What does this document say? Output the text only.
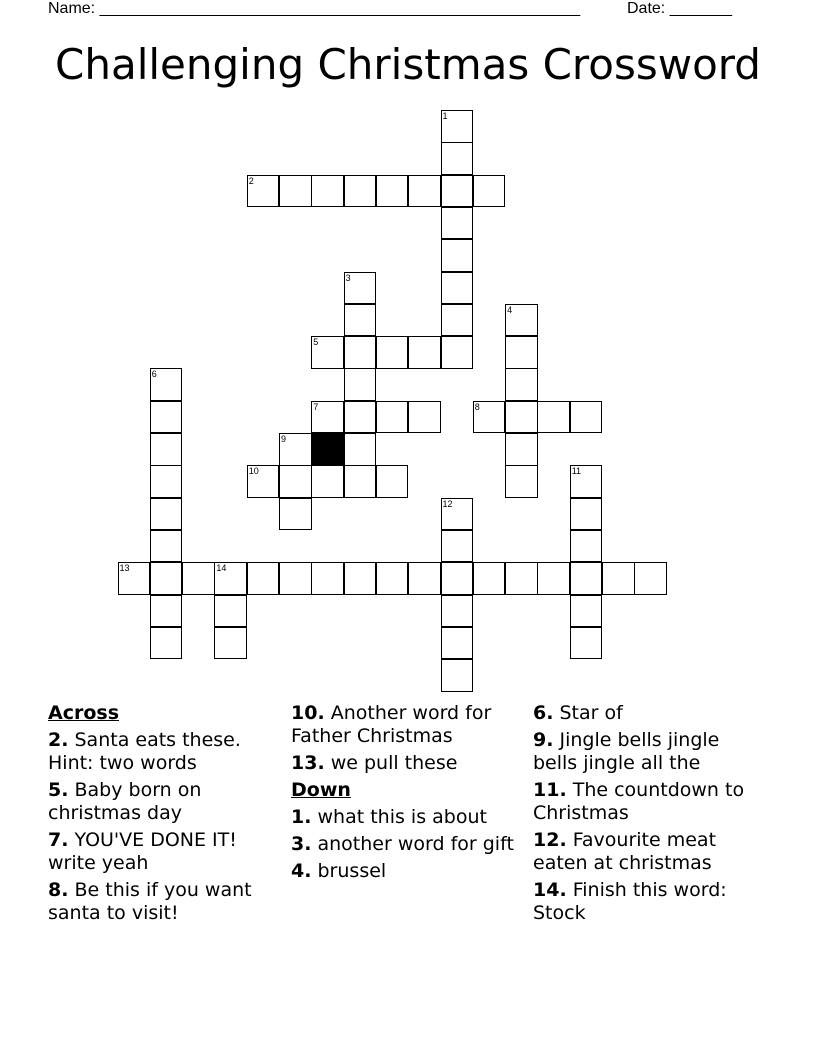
Name: ______________________________________________________	Date: _______
Challenging Christmas Crossword
2
5
7	8
9
10
13	14
1
3
4
6
11
12
Across
2. Santa eats these. Hint: two words
5. Baby born on christmas day
7. YOU'VE DONE IT! write yeah
8. Be this if you want santa to visit!
10. Another word for Father Christmas
13. we pull these
Down
1. what this is about
3. another word for gift
4. brussel
6. Star of
9. Jingle bells jingle bells jingle all the
11. The countdown to Christmas
12. Favourite meat eaten at christmas
14. Finish this word: Stock
